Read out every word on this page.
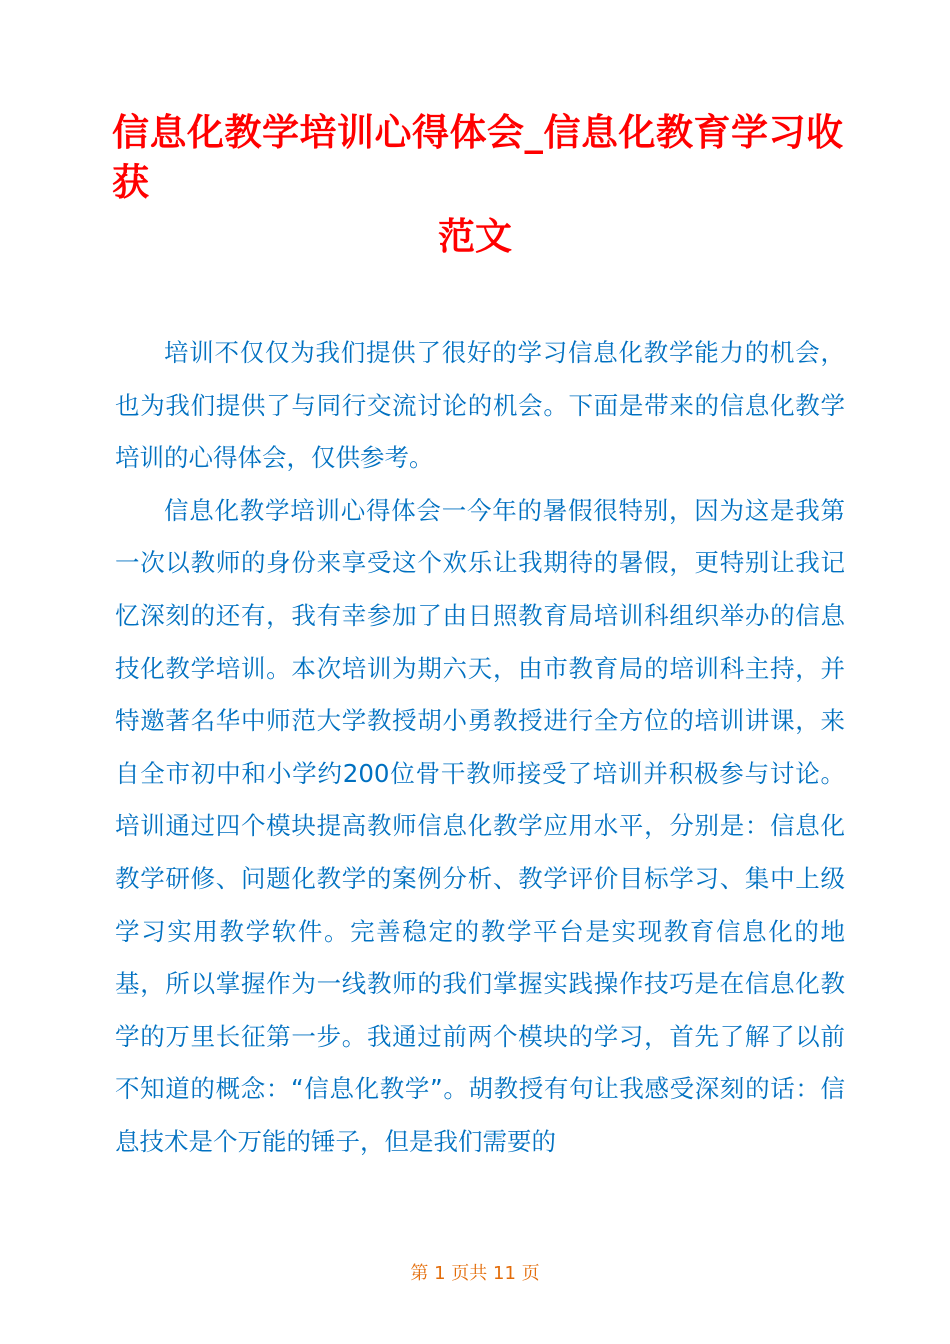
信息化教学培训心得体会_信息化教育学习收获
范文

培训不仅仅为我们提供了很好的学习信息化教学能力的机会，也为我们提供了与同行交流讨论的机会。下面是带来的信息化教学培训的心得体会，仅供参考。

信息化教学培训心得体会一今年的暑假很特别，因为这是我第一次以教师的身份来享受这个欢乐让我期待的暑假，更特别让我记忆深刻的还有，我有幸参加了由日照教育局培训科组织举办的信息技化教学培训。本次培训为期六天，由市教育局的培训科主持，并特邀著名华中师范大学教授胡小勇教授进行全方位的培训讲课，来自全市初中和小学约200位骨干教师接受了培训并积极参与讨论。培训通过四个模块提高教师信息化教学应用水平，分别是：信息化教学研修、问题化教学的案例分析、教学评价目标学习、集中上级学习实用教学软件。完善稳定的教学平台是实现教育信息化的地基，所以掌握作为一线教师的我们掌握实践操作技巧是在信息化教学的万里长征第一步。我通过前两个模块的学习，首先了解了以前不知道的概念：“信息化教学”。胡教授有句让我感受深刻的话：信息技术是个万能的锤子，但是我们需要的

第 1 页共 11 页
